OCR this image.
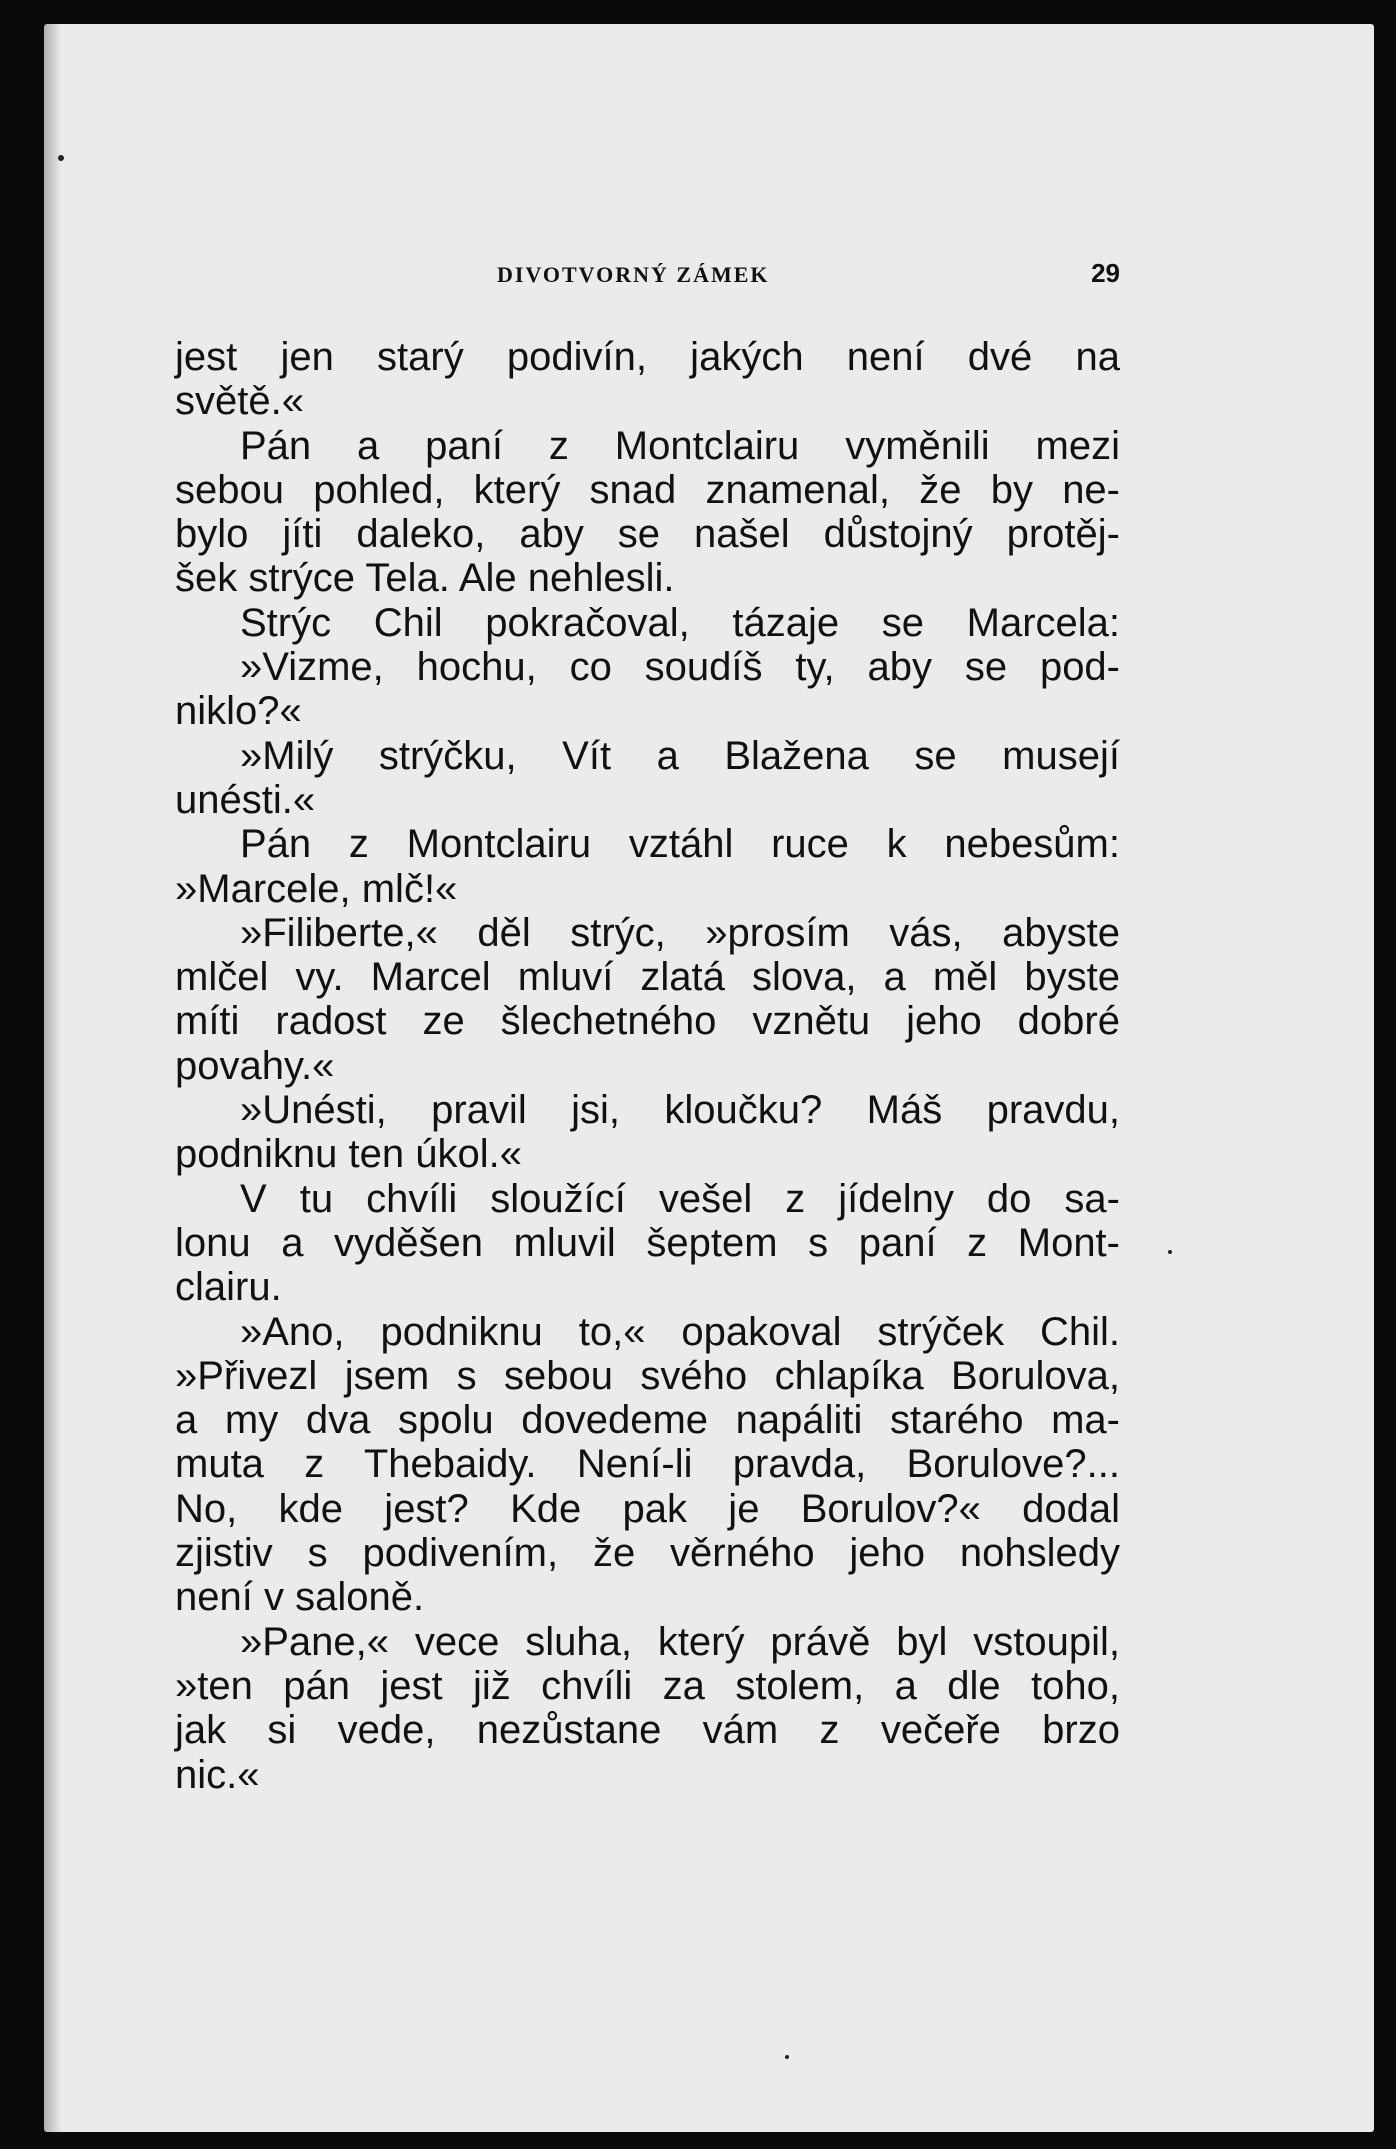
DIVOTVORNÝ ZÁMEK	29
jest jen starý podivín, jakých není dvé na
světě.«
Pán a paní z Montclairu vyměnili mezi
sebou pohled, který snad znamenal, že by ne-
bylo jíti daleko, aby se našel důstojný protěj-
šek strýce Tela. Ale nehlesli.
Strýc Chil pokračoval, tázaje se Marcela:
»Vizme, hochu, co soudíš ty, aby se pod-
niklo?«
»Milý strýčku, Vít a Blažena se musejí
unésti.«
Pán z Montclairu vztáhl ruce k nebesům:
»Marcele, mlč!«
»Filiberte,« děl strýc, »prosím vás, abyste
mlčel vy. Marcel mluví zlatá slova, a měl byste
míti radost ze šlechetného vznětu jeho dobré
povahy.«
»Unésti, pravil jsi, kloučku? Máš pravdu,
podniknu ten úkol.«
V tu chvíli sloužící vešel z jídelny do sa-
lonu a vyděšen mluvil šeptem s paní z Mont-
clairu.
»Ano, podniknu to,« opakoval strýček Chil.
»Přivezl jsem s sebou svého chlapíka Borulova,
a my dva spolu dovedeme napáliti starého ma-
muta z Thebaidy. Není-li pravda, Borulove?...
No, kde jest? Kde pak je Borulov?« dodal
zjistiv s podivením, že věrného jeho nohsledy
není v saloně.
»Pane,« vece sluha, který právě byl vstoupil,
»ten pán jest již chvíli za stolem, a dle toho,
jak si vede, nezůstane vám z večeře brzo
nic.«
